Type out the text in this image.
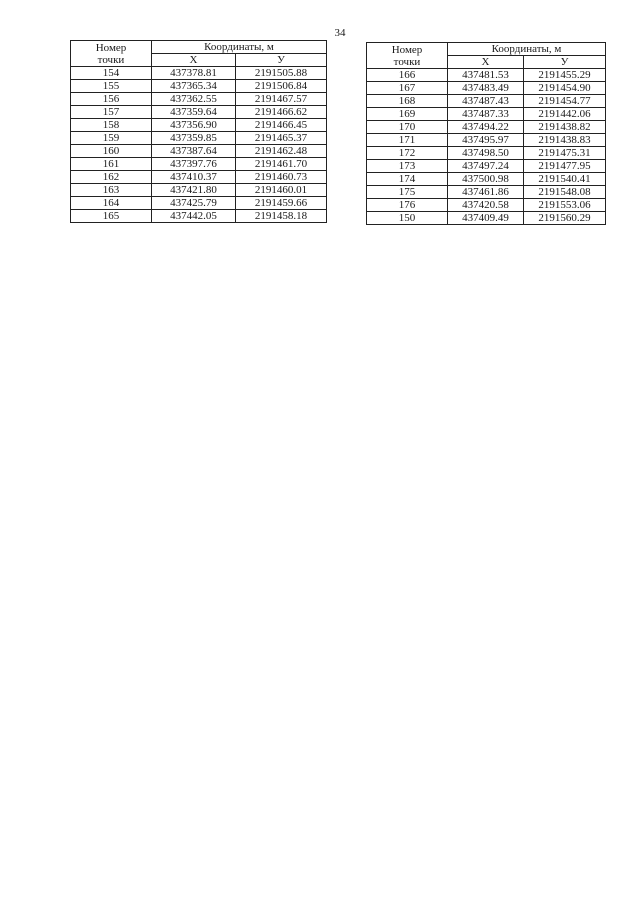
34
Номер
точки	Координаты, м	
	X	У
154	437378.81	2191505.88
155	437365.34	2191506.84
156	437362.55	2191467.57
157	437359.64	2191466.62
158	437356.90	2191466.45
159	437359.85	2191465.37
160	437387.64	2191462.48
161	437397.76	2191461.70
162	437410.37	2191460.73
163	437421.80	2191460.01
164	437425.79	2191459.66
165	437442.05	2191458.18
Номер
точки	Координаты, м	
	X	У
166	437481.53	2191455.29
167	437483.49	2191454.90
168	437487.43	2191454.77
169	437487.33	2191442.06
170	437494.22	2191438.82
171	437495.97	2191438.83
172	437498.50	2191475.31
173	437497.24	2191477.95
174	437500.98	2191540.41
175	437461.86	2191548.08
176	437420.58	2191553.06
150	437409.49	2191560.29
